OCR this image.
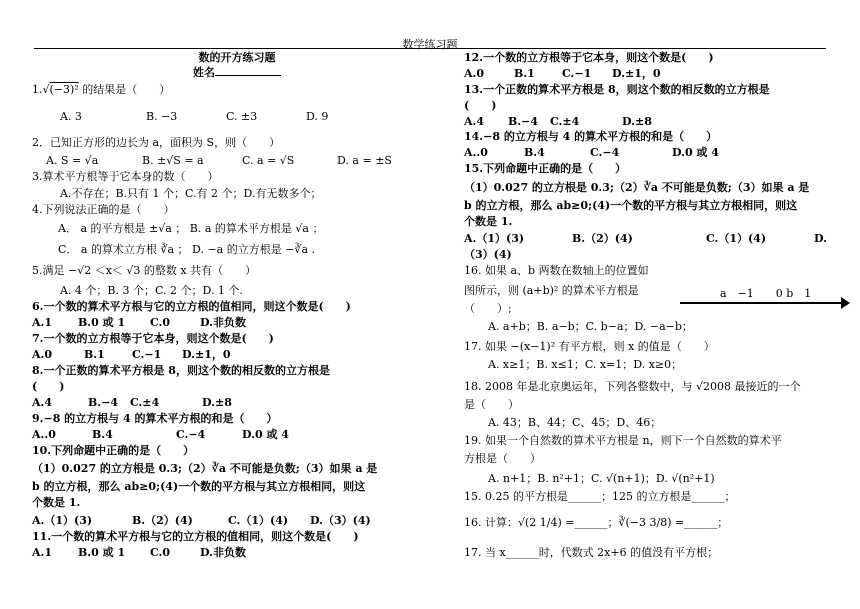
数学练习题
数的开方练习题
姓名
1.√(−3)² 的结果是（　　）
A. 3	B. −3	C. ±3	D. 9
2．已知正方形的边长为 a，面积为 S，则（　　）
A. S = √a	B. ±√S = a	C. a = √S	D. a = ±S
3.算术平方根等于它本身的数（　　）
A.不存在；B.只有 1 个；C.有 2 个；D.有无数多个；
4.下列说法正确的是（　　）
A． a 的平方根是 ±√a ； B. a 的算术平方根是 √a ；
C． a 的算术立方根 ∛a ； D. −a 的立方根是 −∛a .
5.满足 −√2 ＜x＜ √3 的整数 x 共有（　　）
A. 4 个；B. 3 个；C. 2 个；D. 1 个.
6.一个数的算术平方根与它的立方根的值相同，则这个数是(　　)
A.1 B.0 或 1 C.0	D.非负数
7.一个数的立方根等于它本身，则这个数是(　　)
A.0	B.1 C.−1 D.±1，0
8.一个正数的算术平方根是 8，则这个数的相反数的立方根是
(　　)
A.4	B.−4 C.±4	D.±8
9.−8 的立方根与 4 的算术平方根的和是（　　）
A..0	B.4	C.−4	D.0 或 4
10.下列命题中正确的是（　　）
（1）0.027 的立方根是 0.3;（2）∛a 不可能是负数;（3）如果 a 是
b 的立方根，那么 ab≥0;(4)一个数的平方根与其立方根相同，则这
个数是 1.
A.（1）(3)	B.（2）(4)	C.（1）(4) D.（3）(4)
11.一个数的算术平方根与它的立方根的值相同，则这个数是(　　)
A.1 B.0 或 1 C.0	D.非负数
12.一个数的立方根等于它本身，则这个数是(　　)
A.0	B.1 C.−1 D.±1，0
13.一个正数的算术平方根是 8，则这个数的相反数的立方根是
(　　)
A.4 B.−4 C.±4	D.±8
14.−8 的立方根与 4 的算术平方根的和是（　　）
A..0	B.4	C.−4	D.0 或 4
15.下列命题中正确的是（　　）
（1）0.027 的立方根是 0.3;（2）∛a 不可能是负数;（3）如果 a 是
b 的立方根，那么 ab≥0;(4)一个数的平方根与其立方根相同，则这
个数是 1.
A.（1）(3)	B.（2）(4)	C.（1）(4)	D.
（3）(4)
16. 如果 a、b 两数在数轴上的位置如
图所示，则 (a+b)² 的算术平方根是
（　　）;
A. a+b；B. a−b；C. b−a；D. −a−b；
17. 如果 −(x−1)² 有平方根，则 x 的值是（　　）
A. x≥1；B. x≤1；C. x=1；D. x≥0；
18. 2008 年是北京奥运年，下列各整数中，与 √2008 最接近的一个
是（　　）
A. 43；B、44；C、45；D、46；
19. 如果一个自然数的算术平方根是 n，则下一个自然数的算术平
方根是（　　）
A. n+1；B. n²+1；C. √(n+1)；D. √(n²+1)
15. 0.25 的平方根是______；125 的立方根是______；
16. 计算：√(2 1/4) =______；∛(−3 3/8) =______；
17. 当 x______时，代数式 2x+6 的值没有平方根；
a　−1　　0 b　1
